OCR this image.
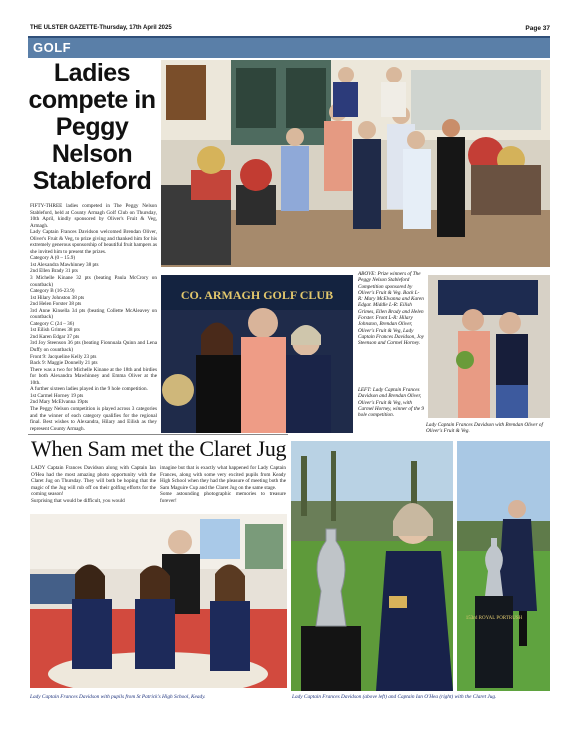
THE ULSTER GAZETTE-Thursday, 17th April 2025	Page 37
GOLF
Ladies compete in Peggy Nelson Stableford

FIFTY-THREE ladies competed in The Peggy Nelson Stableford, held at County Armagh Golf Club on Thursday, 10th April, kindly sponsored by Oliver's Fruit & Veg, Armagh.

Lady Captain Frances Davidson welcomed Brendan Oliver, Oliver's Fruit & Veg, to prize giving and thanked him for his extremely generous sponsorship of beautiful fruit hampers as she invited him to present the prizes.

Category A (0 – 15.9)

1st Alexandra Mawhinney 38 pts

2nd Ellen Brady 31 pts

3 Michelle Kinane 32 pts (beating Paula McCrory on countback)

Category B (16-23.9)

1st Hilary Johnston 38 pts

2nd Helen Forster 38 pts

3rd Anne Kinsella 34 pts (beating Collette McAleavey on countback)

Category C (24 – 36)

1st Eilish Grimes 38 pts

2nd Karen Edgar 37 pts

3rd Joy Steenson 36 pts (beating Fionnuala Quinn and Lena Duffy on countback)

Front 9: Jacqueline Kelly 23 pts

Back 9: Maggie Donnelly 21 pts

There was a two for Michelle Kinane at the 18th and birdies for both Alexandra Mawhinney and Emma Oliver at the 10th.

A further sixteen ladies played in the 9 hole competition.

1st Carmel Horney 19 pts

2nd Mary McElvanna 19pts

The Peggy Nelson competition is played across 3 categories and the winner of each category qualifies for the regional final. Best wishes to Alexandra, Hilary and Eilish as they represent County Armagh.

CO. ARMAGH GOLF CLUB
ABOVE: Prize winners of The Peggy Nelson Stableford Competition sponsored by Oliver's Fruit & Veg. Back L-R: Mary McElvanna and Karen Edgar. Middle L-R: Eilish Grimes, Ellen Brady and Helen Forster. Front L-R: Hilary Johnston, Brendan Oliver, Oliver's Fruit & Veg, Lady Captain Frances Davidson, Joy Steenson and Carmel Horney.
LEFT: Lady Captain Frances Davidson and Brendan Oliver, Oliver's Fruit & Veg, with Carmel Horney, winner of the 9 hole competition.
Lady Captain Frances Davidson with Brendan Oliver of Oliver's Fruit & Veg.
When Sam met the Claret Jug

LADY Captain Frances Davidson along with Captain Ian O'Hea had the most amazing photo opportunity with the Claret Jug on Thursday. They will both be hoping that the magic of the Jug will rub off on their golfing efforts for the coming season!

Surprising that would be difficult, you would

imagine but that is exactly what happened for Lady Captain Frances, along with some very excited pupils from Keady High School when they had the pleasure of meeting both the Sam Maguire Cup and the Claret Jug on the same stage.

Some astounding photographic memories to treasure forever!

153rd ROYAL PORTRUSH
Lady Captain Frances Davidson with pupils from St Patrick's High School, Keady.	Lady Captain Frances Davidson (above left) and Captain Ian O'Hea (right) with the Claret Jug.
